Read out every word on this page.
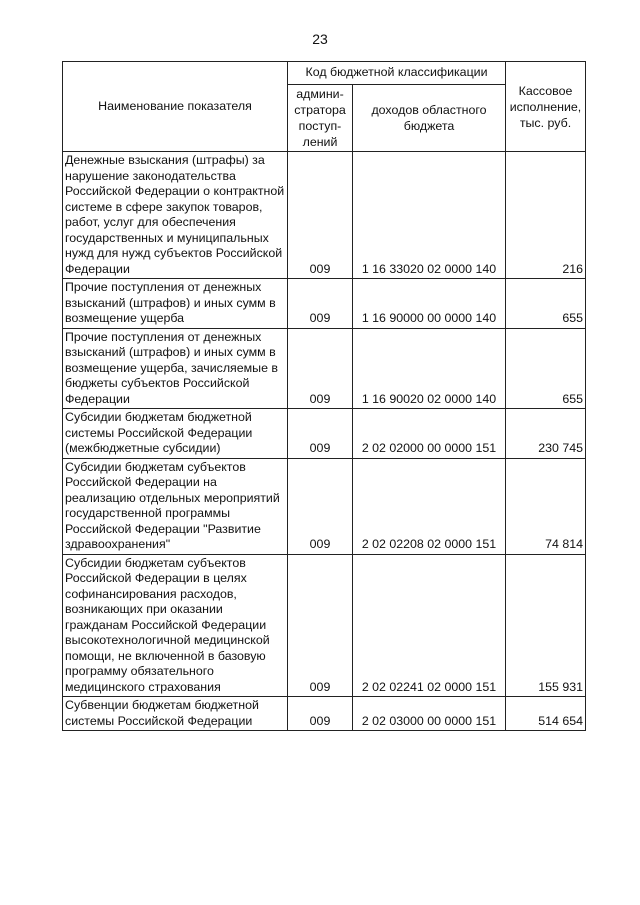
23
Наименование показателя	Код бюджетной классификации		Кассовое исполнение, тыс. руб.
	админи-стратора поступ-лений	доходов областного бюджета	
Денежные взыскания (штрафы) за нарушение законодательства Российской Федерации о контрактной системе в сфере закупок товаров, работ, услуг для обеспечения государственных и муниципальных нужд для нужд субъектов Российской Федерации	009	1 16 33020 02 0000 140	216
Прочие поступления от денежных взысканий (штрафов) и иных сумм в возмещение ущерба	009	1 16 90000 00 0000 140	655
Прочие поступления от денежных взысканий (штрафов) и иных сумм в возмещение ущерба, зачисляемые в бюджеты субъектов Российской Федерации	009	1 16 90020 02 0000 140	655
Субсидии бюджетам бюджетной системы Российской Федерации (межбюджетные субсидии)	009	2 02 02000 00 0000 151	230 745
Субсидии бюджетам субъектов Российской Федерации на реализацию отдельных мероприятий государственной программы Российской Федерации "Развитие здравоохранения"	009	2 02 02208 02 0000 151	74 814
Субсидии бюджетам субъектов Российской Федерации в целях софинансирования расходов, возникающих при оказании гражданам Российской Федерации высокотехнологичной медицинской помощи, не включенной в базовую программу обязательного медицинского страхования	009	2 02 02241 02 0000 151	155 931
Субвенции бюджетам бюджетной системы Российской Федерации	009	2 02 03000 00 0000 151	514 654
